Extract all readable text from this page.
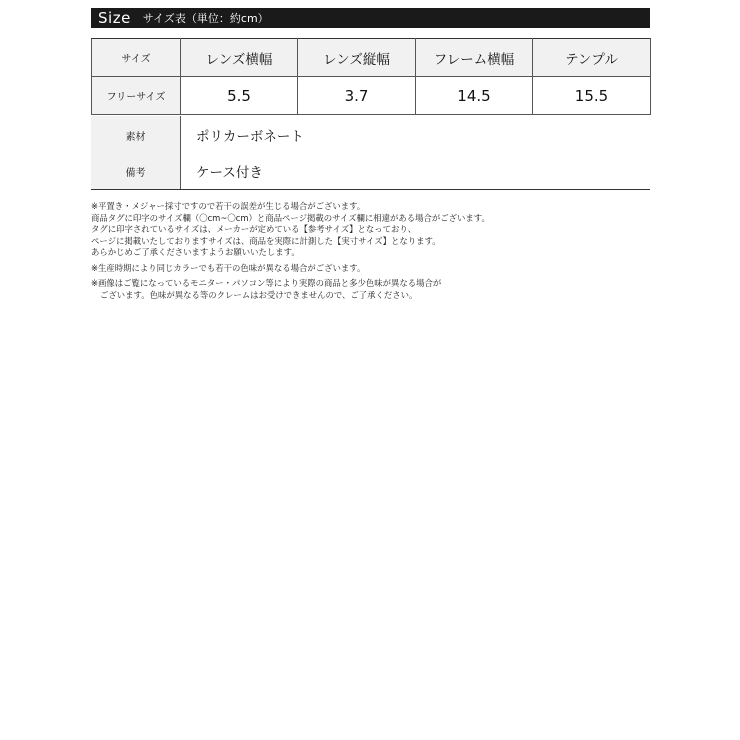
Size サイズ表（単位：約cm）
サイズ	レンズ横幅	レンズ縦幅	フレーム横幅	テンプル
フリーサイズ	5.5	3.7	14.5	15.5
素材	ポリカーボネート
備考	ケース付き

※平置き・メジャー採寸ですので若干の誤差が生じる場合がございます。

商品タグに印字のサイズ欄（〇cm~〇cm）と商品ページ掲載のサイズ欄に相違がある場合がございます。

タグに印字されているサイズは、メーカーが定めている【参考サイズ】となっており、

ページに掲載いたしておりますサイズは、商品を実際に計測した【実寸サイズ】となります。

あらかじめご了承くださいますようお願いいたします。

※生産時期により同じカラーでも若干の色味が異なる場合がございます。

※画像はご覧になっているモニター・パソコン等により実際の商品と多少色味が異なる場合が

ございます。色味が異なる等のクレームはお受けできませんので、ご了承ください。
